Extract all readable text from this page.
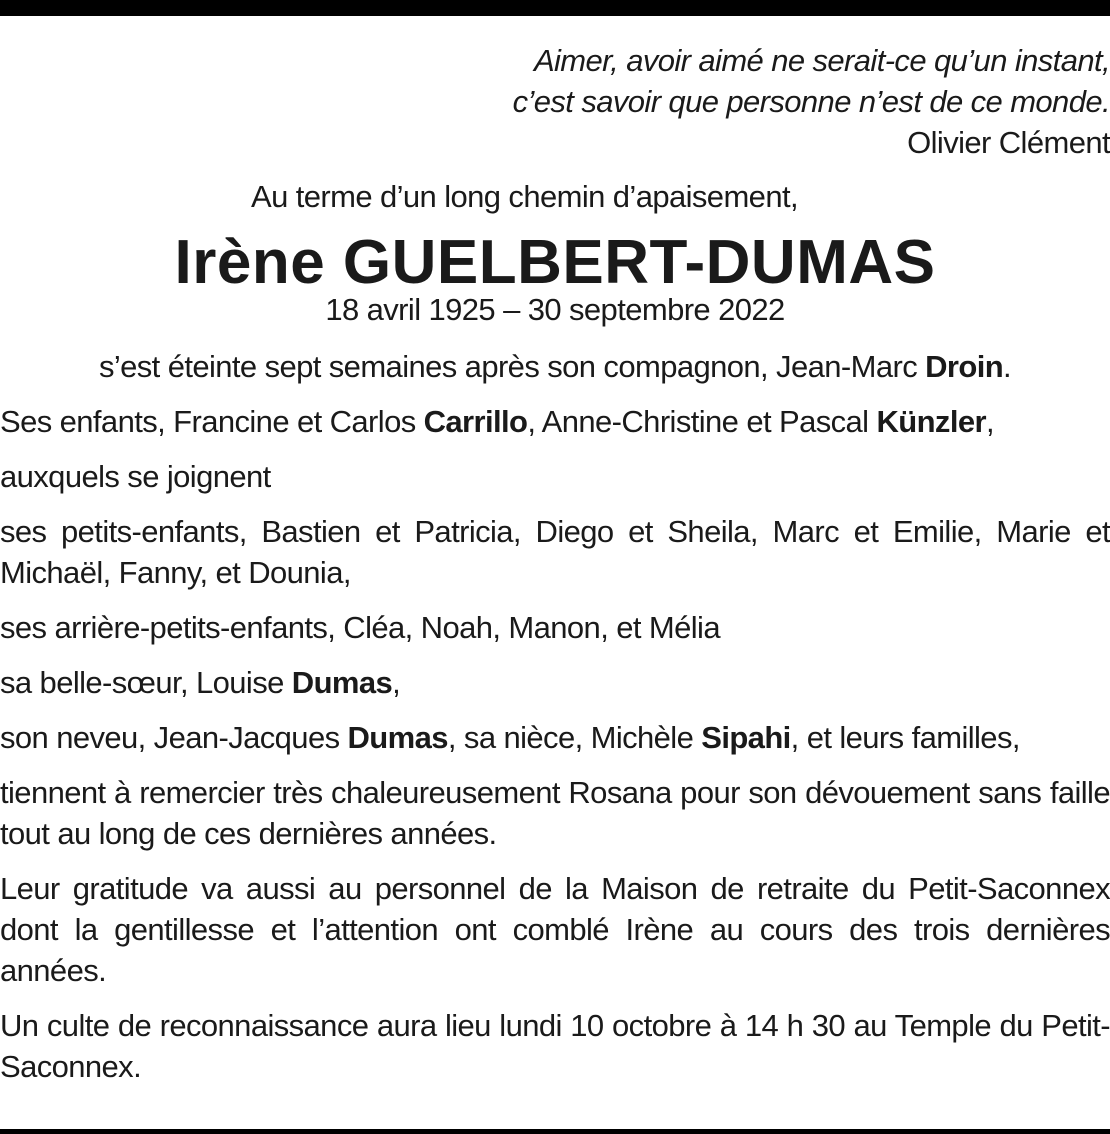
Aimer, avoir aimé ne serait-ce qu’un instant,
c’est savoir que personne n’est de ce monde.
Olivier Clément
Au terme d’un long chemin d’apaisement,
Irène GUELBERT-DUMAS
18 avril 1925 – 30 septembre 2022
s’est éteinte sept semaines après son compagnon, Jean-Marc Droin.
Ses enfants, Francine et Carlos Carrillo, Anne-Christine et Pascal Künzler,
auxquels se joignent
ses petits-enfants, Bastien et Patricia, Diego et Sheila, Marc et Emilie, Marie et Michaël, Fanny, et Dounia,
ses arrière-petits-enfants, Cléa, Noah, Manon, et Mélia
sa belle-sœur, Louise Dumas,
son neveu, Jean-Jacques Dumas, sa nièce, Michèle Sipahi, et leurs familles,
tiennent à remercier très chaleureusement Rosana pour son dévouement sans faille tout au long de ces dernières années.
Leur gratitude va aussi au personnel de la Maison de retraite du Petit-Saconnex dont la gentillesse et l’attention ont comblé Irène au cours des trois dernières années.
Un culte de reconnaissance aura lieu lundi 10 octobre à 14 h 30 au Temple du Petit-Saconnex.
